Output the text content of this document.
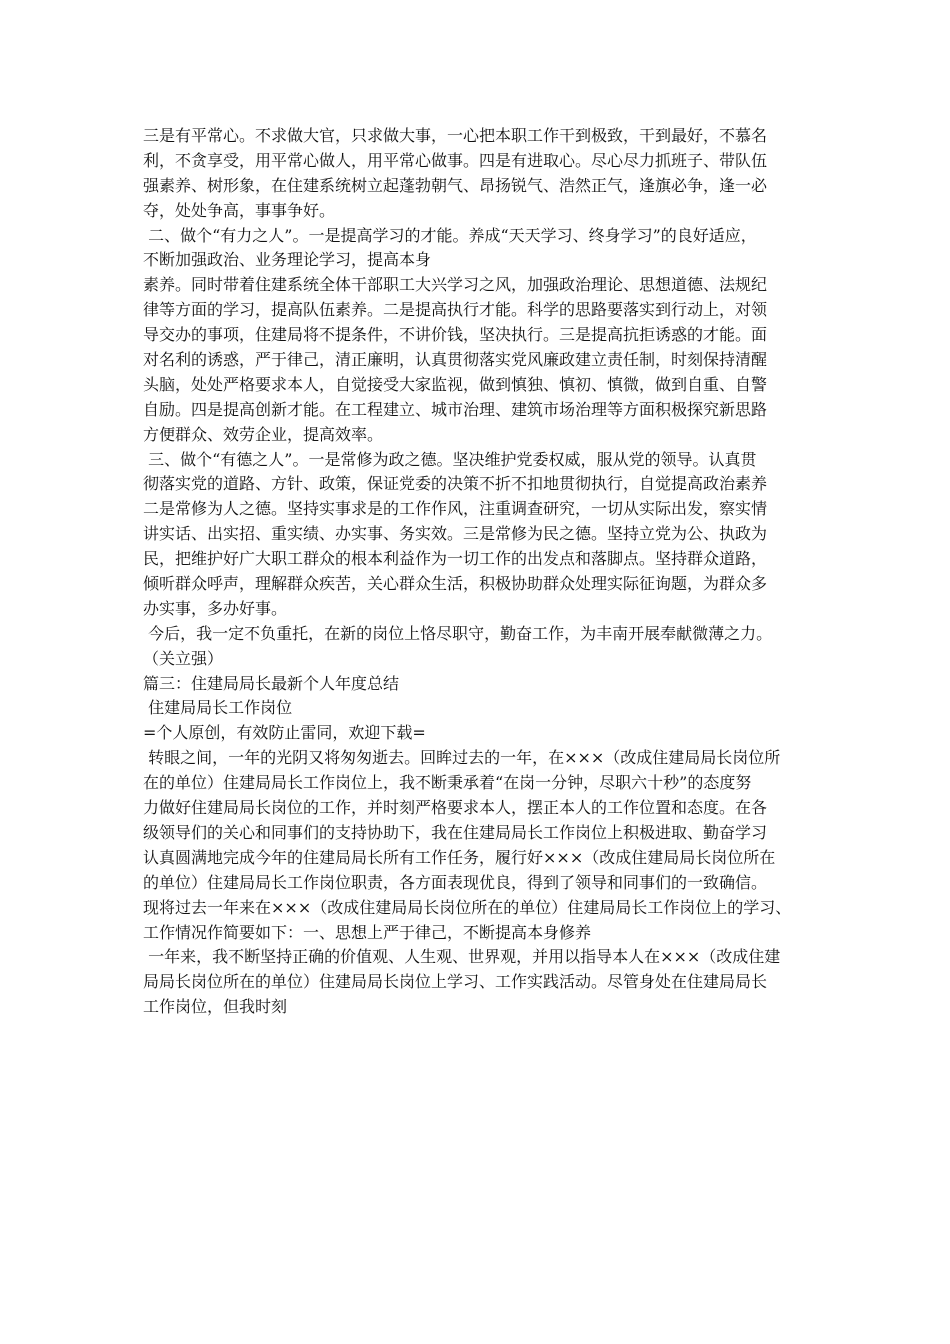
三是有平常心。不求做大官，只求做大事，一心把本职工作干到极致，干到最好，不慕名
利，不贪享受，用平常心做人，用平常心做事。四是有进取心。尽心尽力抓班子、带队伍
强素养、树形象，在住建系统树立起蓬勃朝气、昂扬锐气、浩然正气，逢旗必争，逢一必
夺，处处争高，事事争好。
二、做个“有力之人”。一是提高学习的才能。养成“天天学习、终身学习”的良好适应，
不断加强政治、业务理论学习，提高本身
素养。同时带着住建系统全体干部职工大兴学习之风，加强政治理论、思想道德、法规纪
律等方面的学习，提高队伍素养。二是提高执行才能。科学的思路要落实到行动上，对领
导交办的事项，住建局将不提条件，不讲价钱，坚决执行。三是提高抗拒诱惑的才能。面
对名利的诱惑，严于律己，清正廉明，认真贯彻落实党风廉政建立责任制，时刻保持清醒
头脑，处处严格要求本人，自觉接受大家监视，做到慎独、慎初、慎微，做到自重、自警
自励。四是提高创新才能。在工程建立、城市治理、建筑市场治理等方面积极探究新思路
方便群众、效劳企业，提高效率。
三、做个“有德之人”。一是常修为政之德。坚决维护党委权威，服从党的领导。认真贯
彻落实党的道路、方针、政策，保证党委的决策不折不扣地贯彻执行，自觉提高政治素养
二是常修为人之德。坚持实事求是的工作作风，注重调查研究，一切从实际出发，察实情
讲实话、出实招、重实绩、办实事、务实效。三是常修为民之德。坚持立党为公、执政为
民，把维护好广大职工群众的根本利益作为一切工作的出发点和落脚点。坚持群众道路，
倾听群众呼声，理解群众疾苦，关心群众生活，积极协助群众处理实际征询题，为群众多
办实事，多办好事。
今后，我一定不负重托，在新的岗位上恪尽职守，勤奋工作，为丰南开展奉献微薄之力。
（关立强）
篇三：住建局局长最新个人年度总结
住建局局长工作岗位
=个人原创，有效防止雷同，欢迎下载=
转眼之间，一年的光阴又将匆匆逝去。回眸过去的一年，在×××（改成住建局局长岗位所
在的单位）住建局局长工作岗位上，我不断秉承着“在岗一分钟，尽职六十秒”的态度努
力做好住建局局长岗位的工作，并时刻严格要求本人，摆正本人的工作位置和态度。在各
级领导们的关心和同事们的支持协助下，我在住建局局长工作岗位上积极进取、勤奋学习
认真圆满地完成今年的住建局局长所有工作任务，履行好×××（改成住建局局长岗位所在
的单位）住建局局长工作岗位职责，各方面表现优良，得到了领导和同事们的一致确信。
现将过去一年来在×××（改成住建局局长岗位所在的单位）住建局局长工作岗位上的学习、
工作情况作简要如下：一、思想上严于律己，不断提高本身修养
一年来，我不断坚持正确的价值观、人生观、世界观，并用以指导本人在×××（改成住建
局局长岗位所在的单位）住建局局长岗位上学习、工作实践活动。尽管身处在住建局局长
工作岗位，但我时刻
